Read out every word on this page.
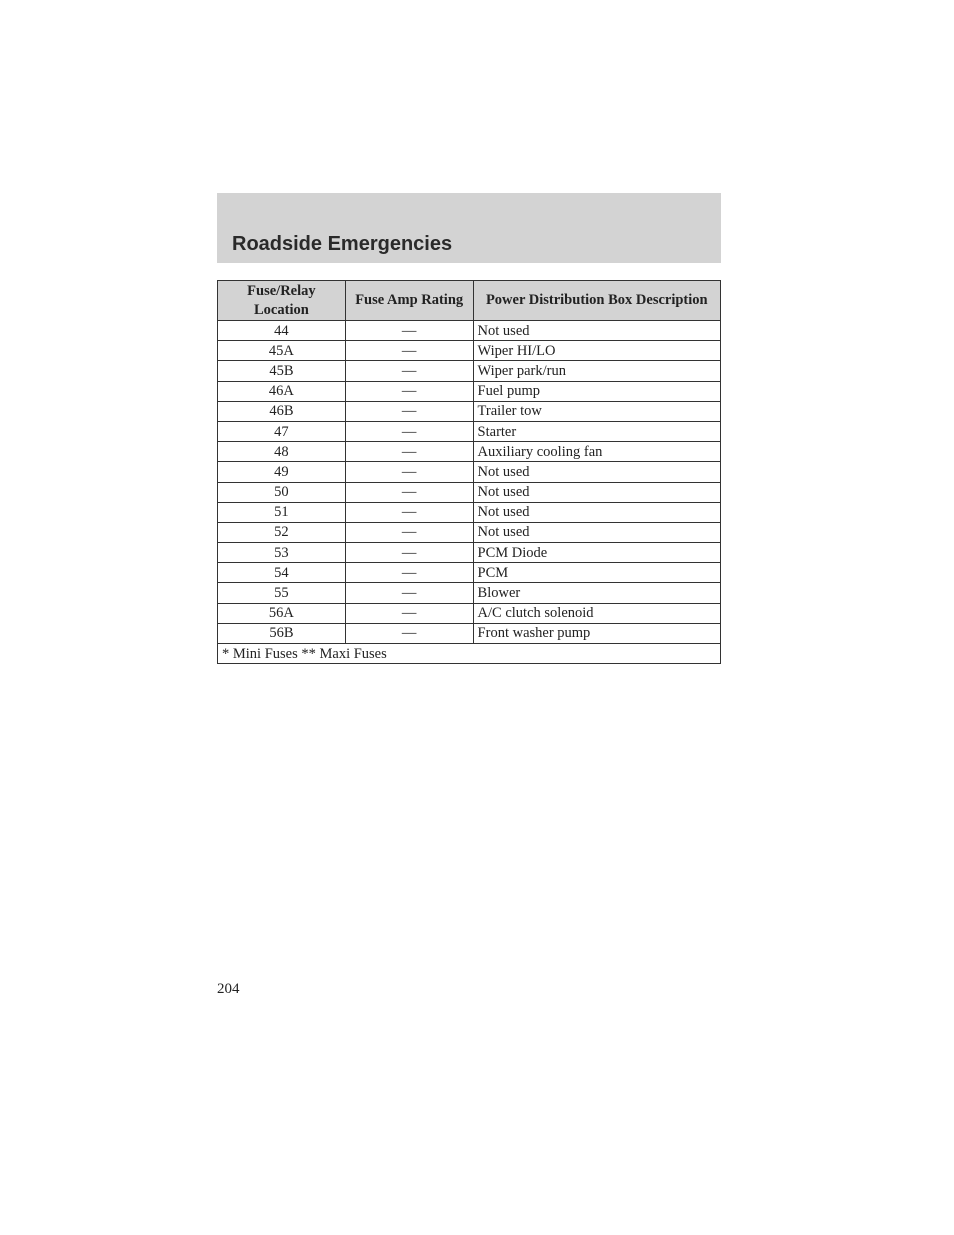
Roadside Emergencies
Fuse/Relay Location	Fuse Amp Rating	Power Distribution Box Description
44	—	Not used
45A	—	Wiper HI/LO
45B	—	Wiper park/run
46A	—	Fuel pump
46B	—	Trailer tow
47	—	Starter
48	—	Auxiliary cooling fan
49	—	Not used
50	—	Not used
51	—	Not used
52	—	Not used
53	—	PCM Diode
54	—	PCM
55	—	Blower
56A	—	A/C clutch solenoid
56B	—	Front washer pump
* Mini Fuses ** Maxi Fuses		
204
